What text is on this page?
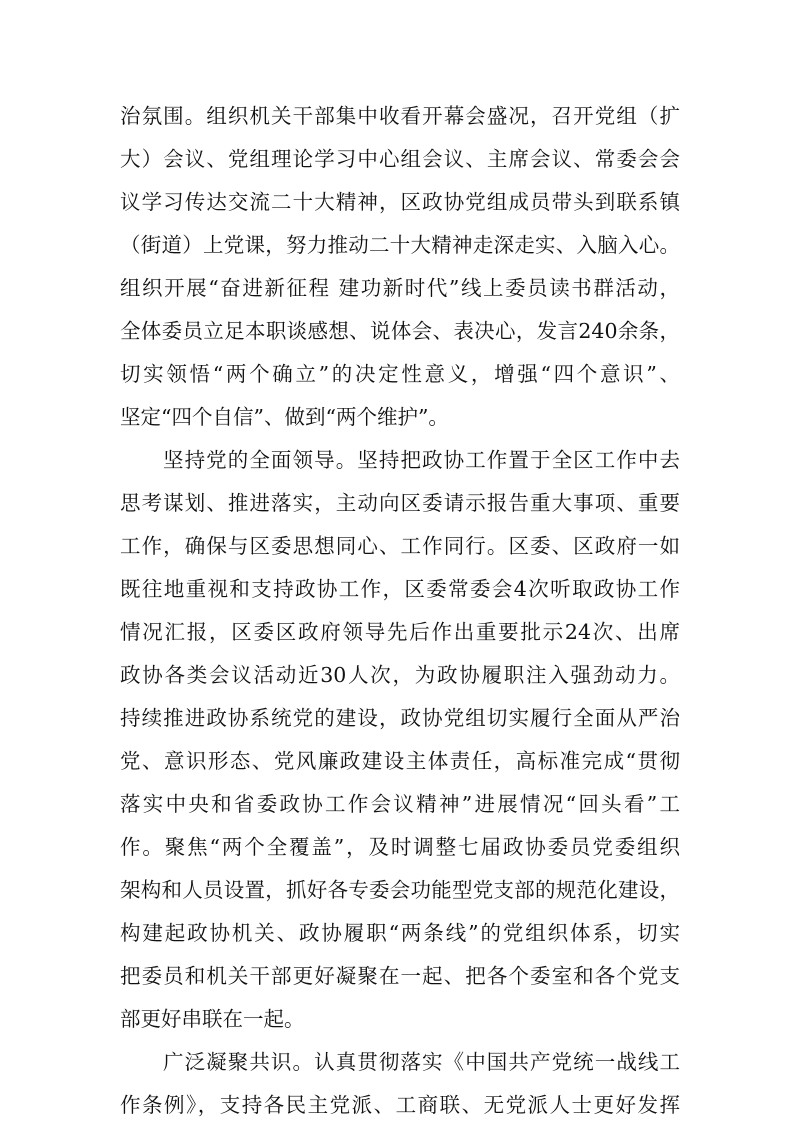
治氛围。组织机关干部集中收看开幕会盛况，召开党组（扩
大）会议、党组理论学习中心组会议、主席会议、常委会会
议学习传达交流二十大精神，区政协党组成员带头到联系镇
（街道）上党课，努力推动二十大精神走深走实、入脑入心。
组织开展“奋进新征程 建功新时代”线上委员读书群活动，
全体委员立足本职谈感想、说体会、表决心，发言240余条，
切实领悟“两个确立”的决定性意义，增强“四个意识”、
坚定“四个自信”、做到“两个维护”。
坚持党的全面领导。坚持把政协工作置于全区工作中去
思考谋划、推进落实，主动向区委请示报告重大事项、重要
工作，确保与区委思想同心、工作同行。区委、区政府一如
既往地重视和支持政协工作，区委常委会4次听取政协工作
情况汇报，区委区政府领导先后作出重要批示24次、出席
政协各类会议活动近30人次，为政协履职注入强劲动力。
持续推进政协系统党的建设，政协党组切实履行全面从严治
党、意识形态、党风廉政建设主体责任，高标准完成“贯彻
落实中央和省委政协工作会议精神”进展情况“回头看”工
作。聚焦“两个全覆盖”，及时调整七届政协委员党委组织
架构和人员设置，抓好各专委会功能型党支部的规范化建设，
构建起政协机关、政协履职“两条线”的党组织体系，切实
把委员和机关干部更好凝聚在一起、把各个委室和各个党支
部更好串联在一起。
广泛凝聚共识。认真贯彻落实《中国共产党统一战线工
作条例》，支持各民主党派、工商联、无党派人士更好发挥
